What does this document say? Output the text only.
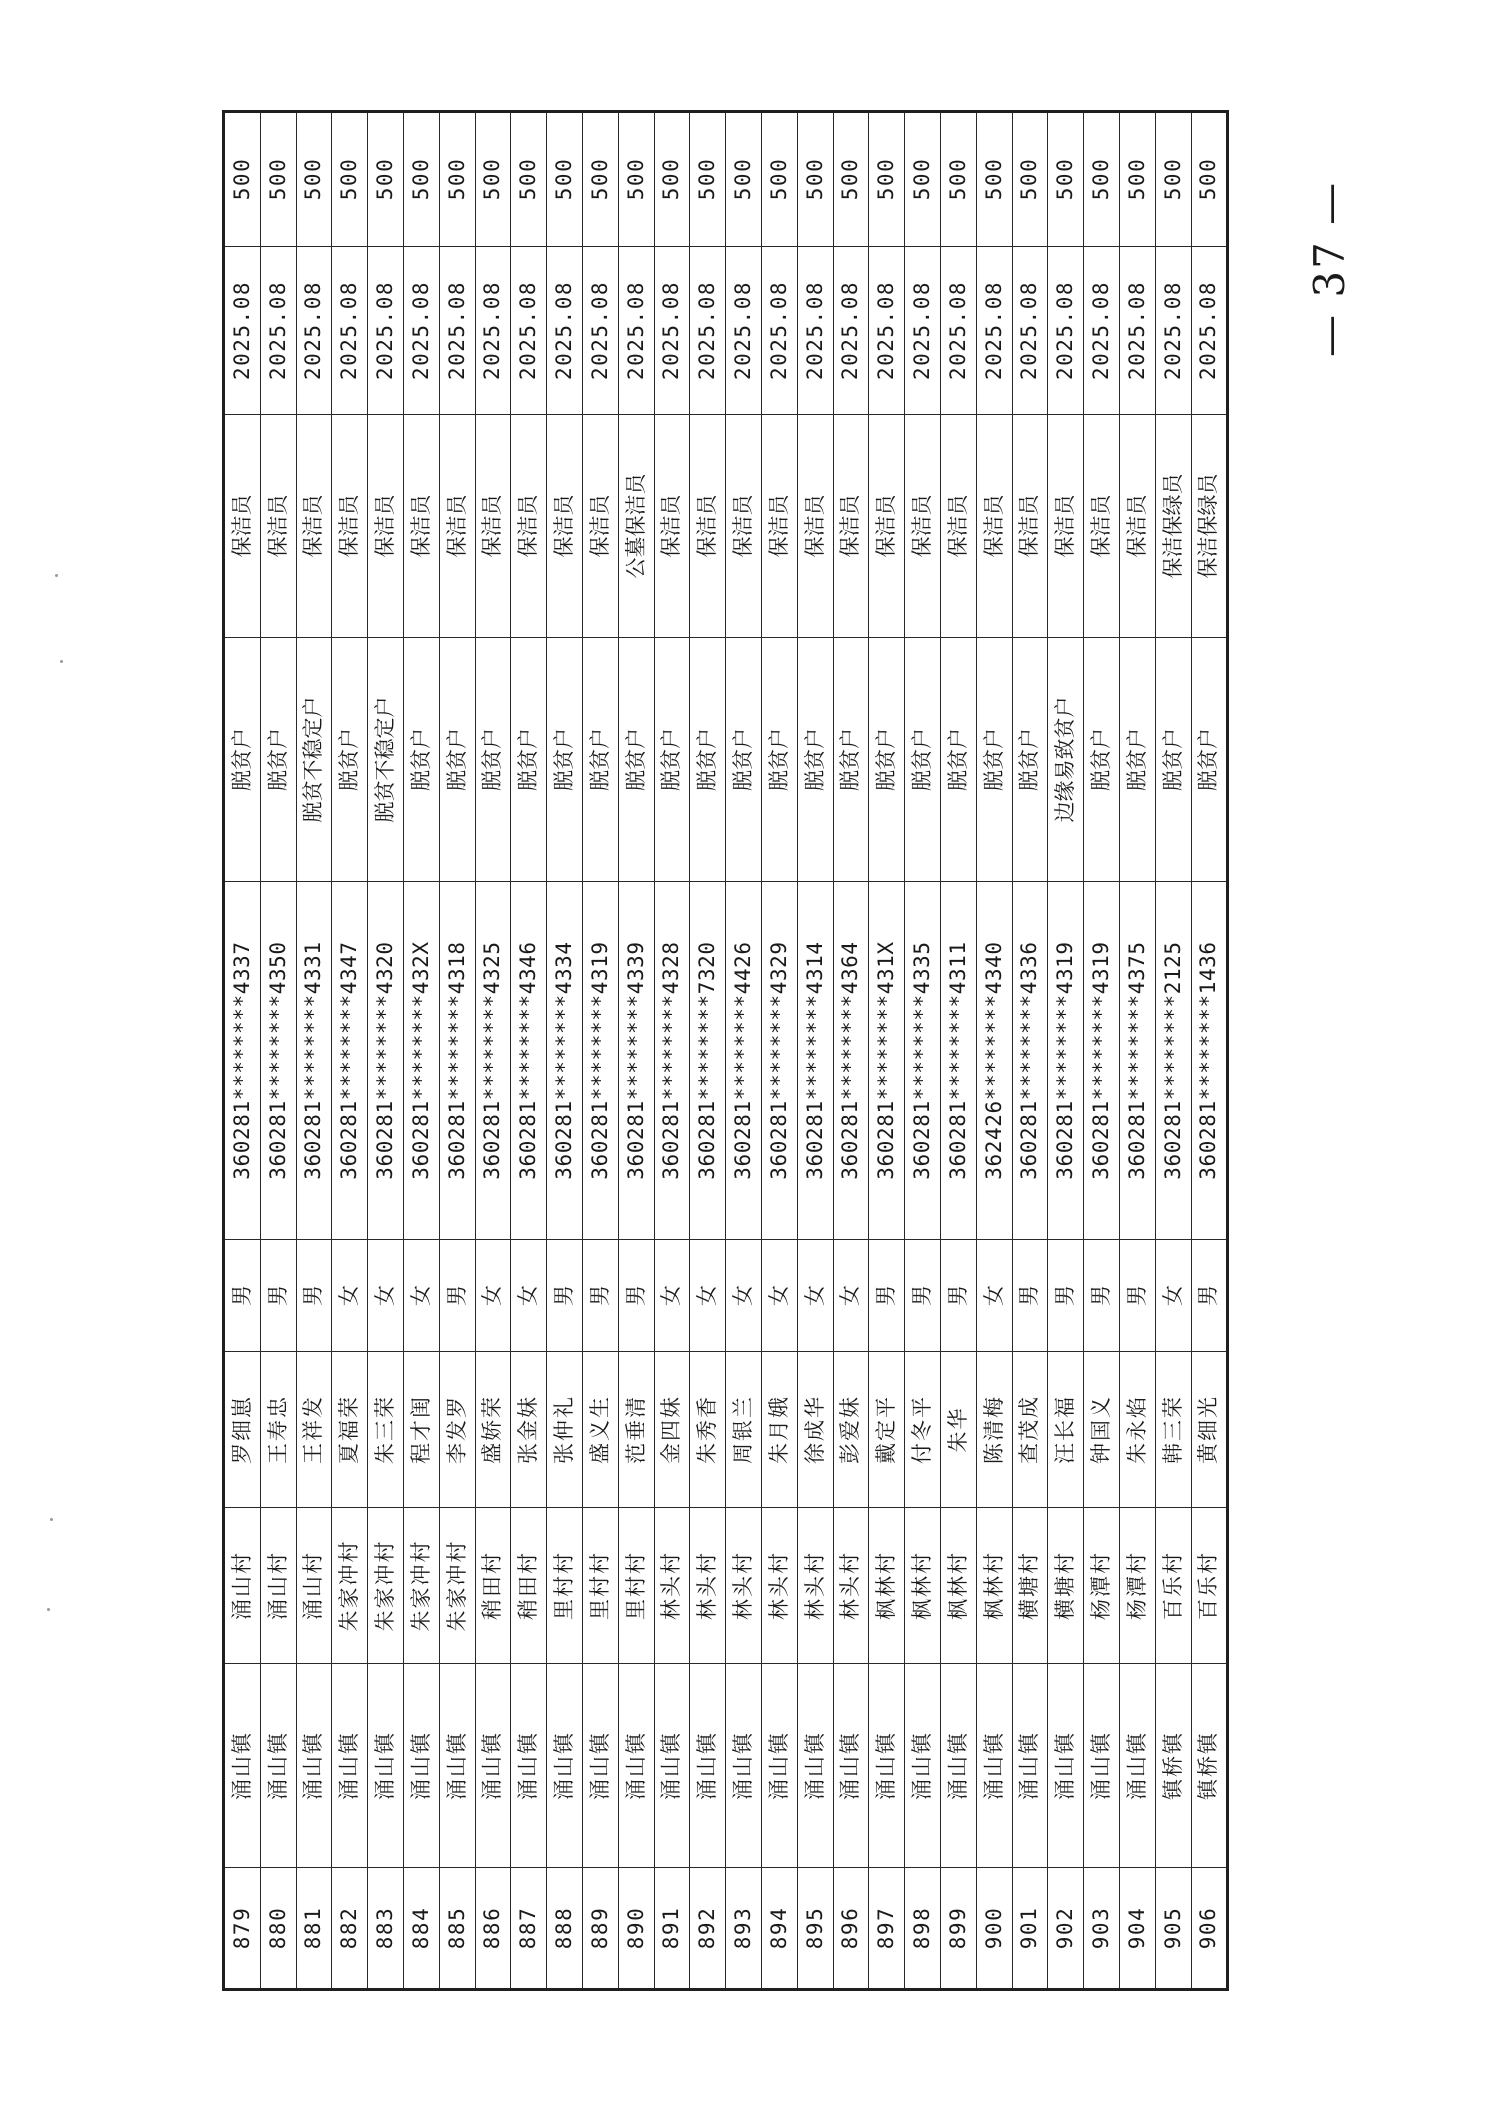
879	涌山镇	涌山村	罗细崽	男	360281********4337	脱贫户	保洁员	2025.08	500	
880	涌山镇	涌山村	王寿忠	男	360281********4350	脱贫户	保洁员	2025.08	500	
881	涌山镇	涌山村	王祥发	男	360281********4331	脱贫不稳定户	保洁员	2025.08	500	
882	涌山镇	朱家冲村	夏福荣	女	360281********4347	脱贫户	保洁员	2025.08	500	
883	涌山镇	朱家冲村	朱三荣	女	360281********4320	脱贫不稳定户	保洁员	2025.08	500	
884	涌山镇	朱家冲村	程才闺	女	360281********432X	脱贫户	保洁员	2025.08	500	
885	涌山镇	朱家冲村	李发罗	男	360281********4318	脱贫户	保洁员	2025.08	500	
886	涌山镇	稍田村	盛娇荣	女	360281********4325	脱贫户	保洁员	2025.08	500	
887	涌山镇	稍田村	张金妹	女	360281********4346	脱贫户	保洁员	2025.08	500	
888	涌山镇	里村村	张仲礼	男	360281********4334	脱贫户	保洁员	2025.08	500	
889	涌山镇	里村村	盛义生	男	360281********4319	脱贫户	保洁员	2025.08	500	
890	涌山镇	里村村	范垂清	男	360281********4339	脱贫户	公墓保洁员	2025.08	500	
891	涌山镇	林头村	金四妹	女	360281********4328	脱贫户	保洁员	2025.08	500	
892	涌山镇	林头村	朱秀香	女	360281********7320	脱贫户	保洁员	2025.08	500	
893	涌山镇	林头村	周银兰	女	360281********4426	脱贫户	保洁员	2025.08	500	
894	涌山镇	林头村	朱月娥	女	360281********4329	脱贫户	保洁员	2025.08	500	
895	涌山镇	林头村	徐成华	女	360281********4314	脱贫户	保洁员	2025.08	500	
896	涌山镇	林头村	彭爱妹	女	360281********4364	脱贫户	保洁员	2025.08	500	
897	涌山镇	枫林村	戴定平	男	360281********431X	脱贫户	保洁员	2025.08	500	
898	涌山镇	枫林村	付冬平	男	360281********4335	脱贫户	保洁员	2025.08	500	
899	涌山镇	枫林村	朱华	男	360281********4311	脱贫户	保洁员	2025.08	500	
900	涌山镇	枫林村	陈清梅	女	362426********4340	脱贫户	保洁员	2025.08	500	
901	涌山镇	横塘村	查茂成	男	360281********4336	脱贫户	保洁员	2025.08	500	
902	涌山镇	横塘村	汪长福	男	360281********4319	边缘易致贫户	保洁员	2025.08	500	
903	涌山镇	杨潭村	钟国义	男	360281********4319	脱贫户	保洁员	2025.08	500	
904	涌山镇	杨潭村	朱永焰	男	360281********4375	脱贫户	保洁员	2025.08	500	
905	镇桥镇	百乐村	韩三荣	女	360281********2125	脱贫户	保洁保绿员	2025.08	500	
906	镇桥镇	百乐村	黄细光	男	360281********1436	脱贫户	保洁保绿员	2025.08	500	
— 37 —
